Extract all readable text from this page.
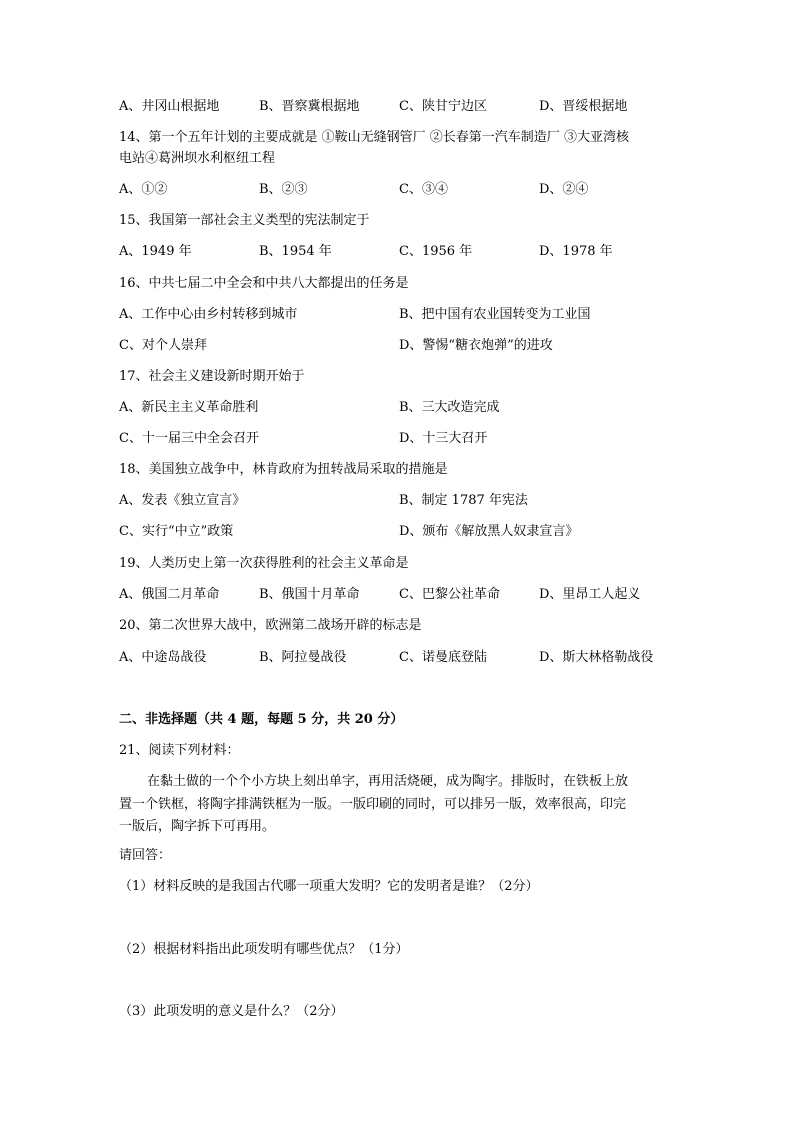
A、井冈山根据地	B、晋察冀根据地	C、陕甘宁边区	D、晋绥根据地
14、第一个五年计划的主要成就是 ①鞍山无缝钢管厂 ②长春第一汽车制造厂 ③大亚湾核
电站④葛洲坝水利枢纽工程
A、①②	B、②③	C、③④	D、②④
15、我国第一部社会主义类型的宪法制定于
A、1949 年	B、1954 年	C、1956 年	D、1978 年
16、中共七届二中全会和中共八大都提出的任务是
A、工作中心由乡村转移到城市	B、把中国有农业国转变为工业国
C、对个人崇拜	D、警惕“糖衣炮弹”的进攻
17、社会主义建设新时期开始于
A、新民主主义革命胜利	B、三大改造完成
C、十一届三中全会召开	D、十三大召开
18、美国独立战争中，林肯政府为扭转战局采取的措施是
A、发表《独立宣言》	B、制定 1787 年宪法
C、实行“中立”政策	D、颁布《解放黑人奴隶宣言》
19、人类历史上第一次获得胜利的社会主义革命是
A、俄国二月革命	B、俄国十月革命	C、巴黎公社革命	D、里昂工人起义
20、第二次世界大战中，欧洲第二战场开辟的标志是
A、中途岛战役	B、阿拉曼战役	C、诺曼底登陆	D、斯大林格勒战役
二、非选择题（共 4 题，每题 5 分，共 20 分）
21、阅读下列材料：
在黏土做的一个个小方块上刻出单字，再用活烧硬，成为陶字。排版时，在铁板上放
置一个铁框，将陶字排满铁框为一版。一版印刷的同时，可以排另一版，效率很高，印完
一版后，陶字拆下可再用。
请回答：
（1）材料反映的是我国古代哪一项重大发明？它的发明者是谁？（2分）
（2）根据材料指出此项发明有哪些优点？（1分）
（3）此项发明的意义是什么？（2分）
